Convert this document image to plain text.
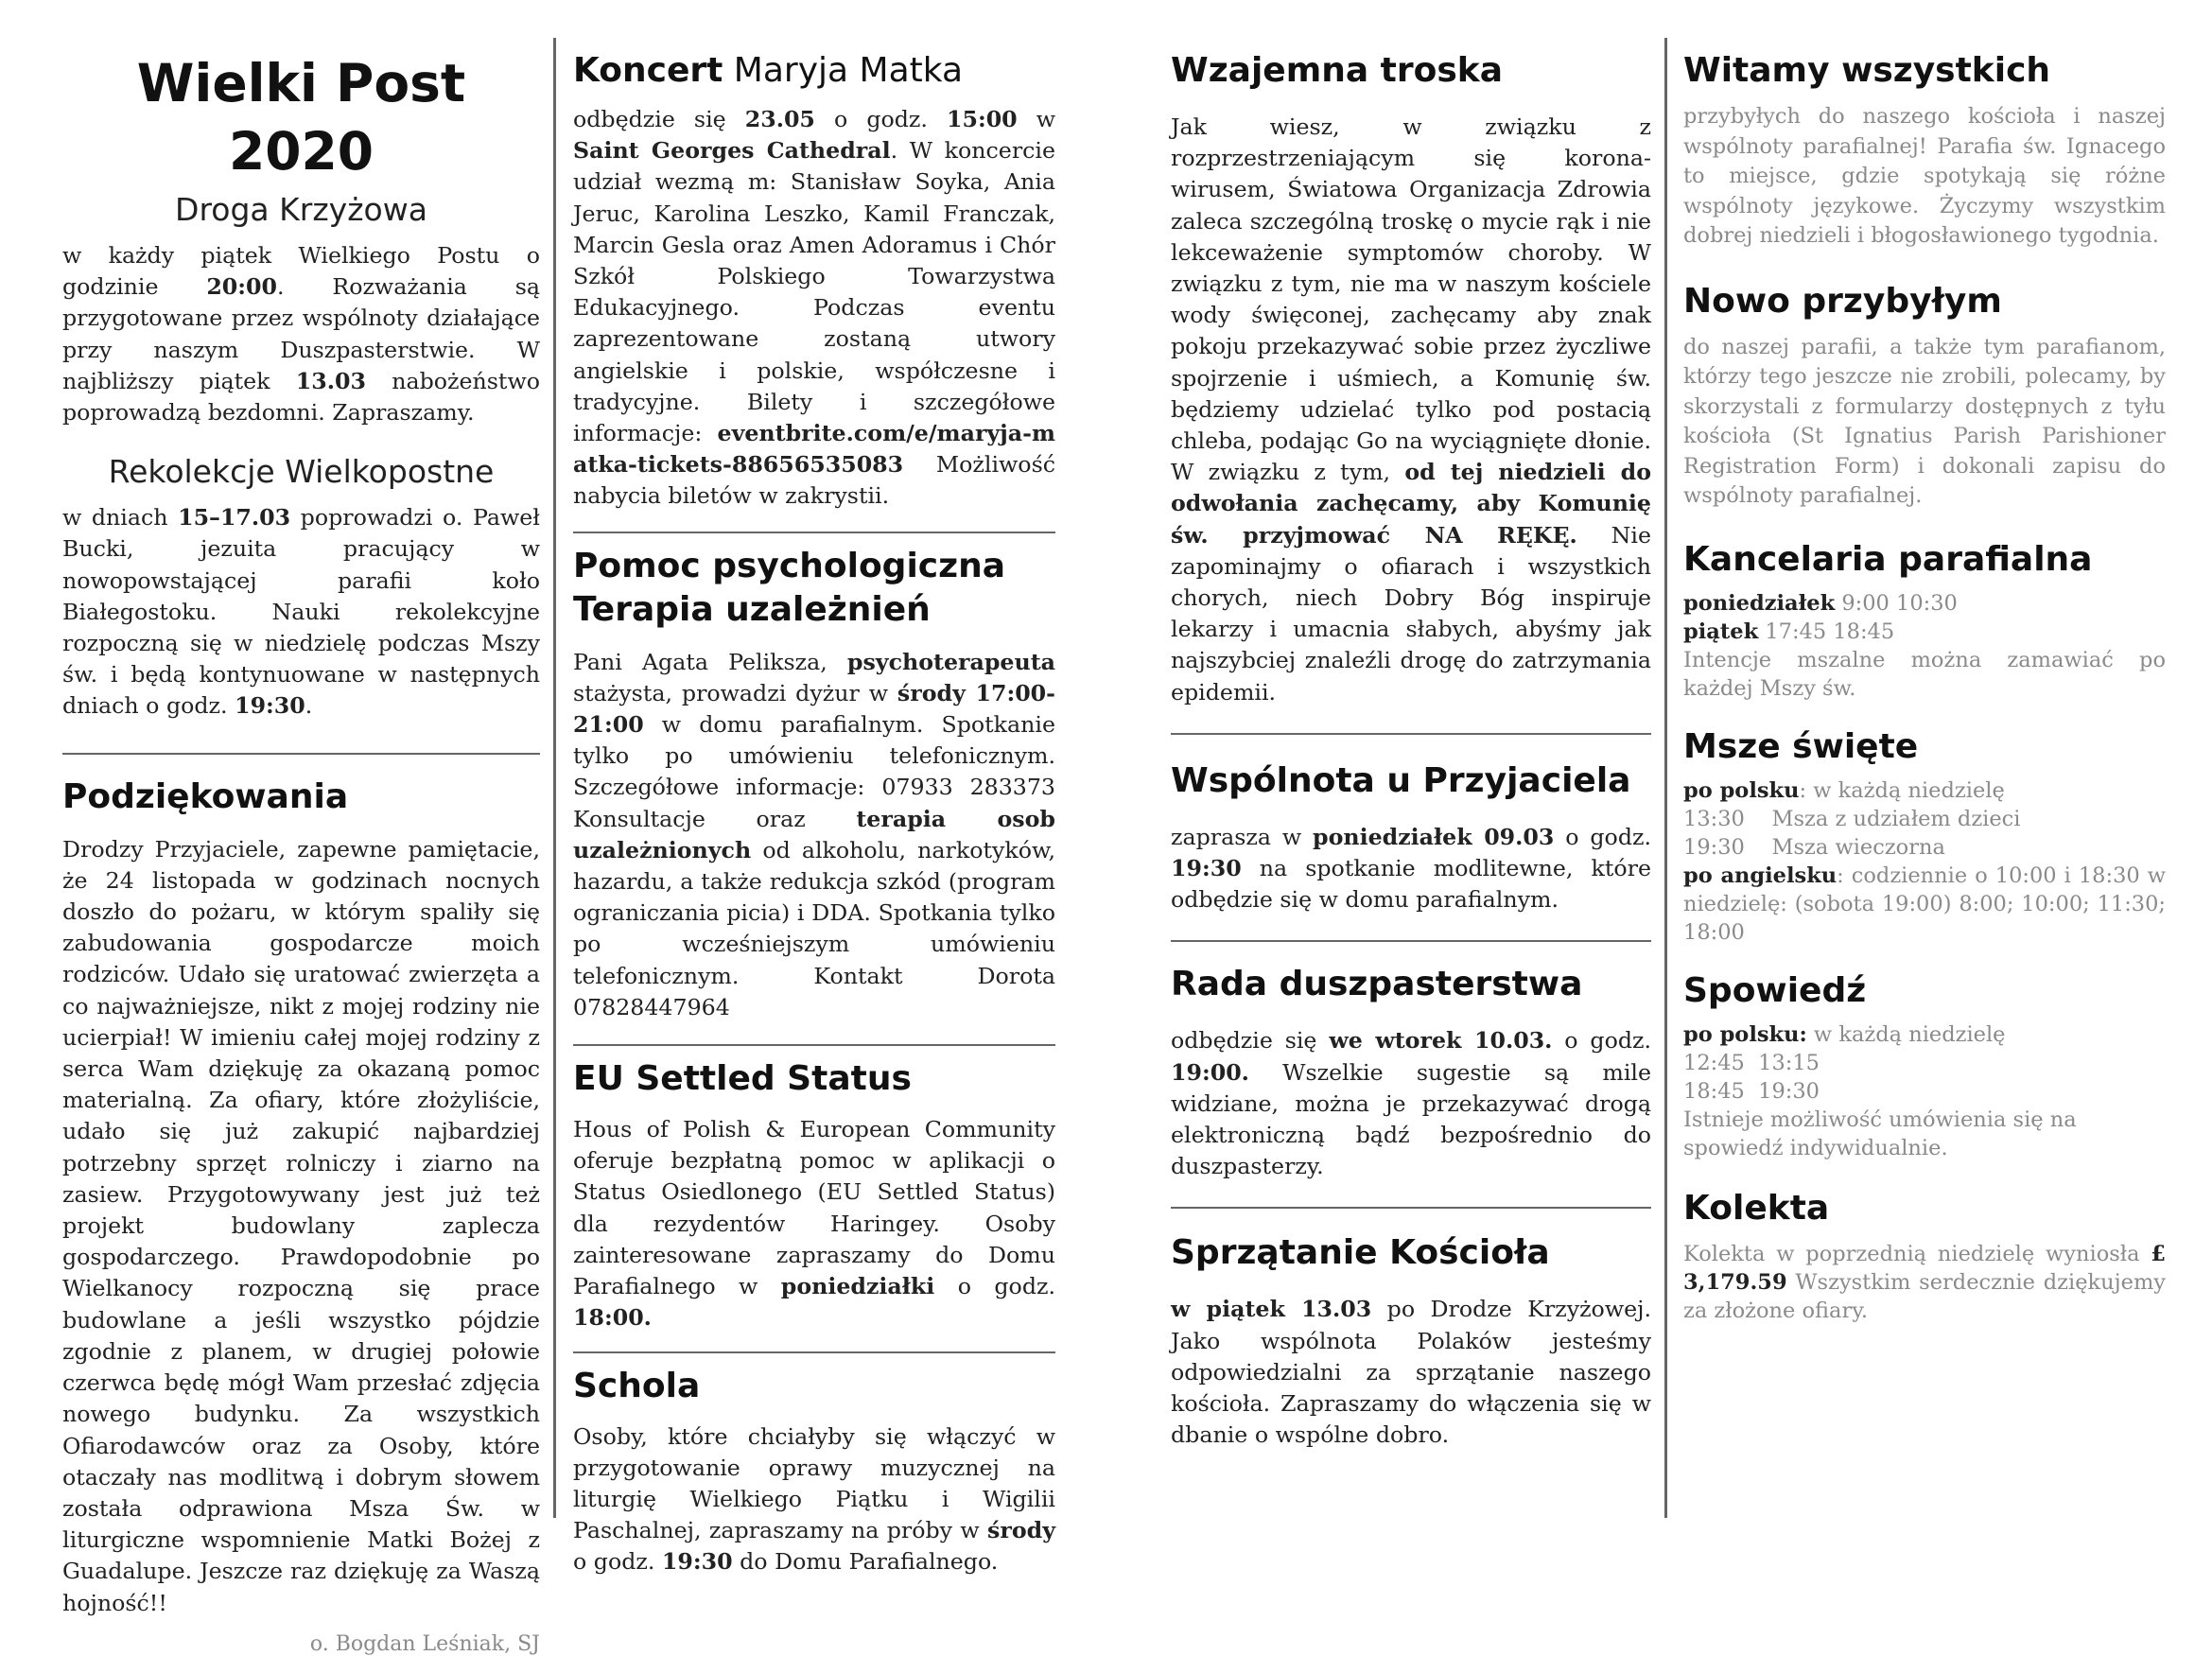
Wielki Post 2020
Droga Krzyżowa

w każdy piątek Wielkiego Postu o godzinie 20:00. Rozważania są przygotowane przez wspólnoty działające przy naszym Duszpasterstwie. W najbliższy piątek 13.03 nabożeństwo poprowadzą bezdomni. Zapraszamy.

Rekolekcje Wielkopostne

w dniach 15–17.03 poprowadzi o. Paweł Bucki, jezuita pracujący w nowopowstającej parafii koło Białegostoku. Nauki rekolekcyjne rozpoczną się w niedzielę podczas Mszy św. i będą kontynuowane w następnych dniach o godz. 19:30.

Podziękowania

Drodzy Przyjaciele, zapewne pamiętacie, że 24 listopada w godzinach nocnych doszło do pożaru, w którym spaliły się zabudowania gospodarcze moich rodziców. Udało się uratować zwierzęta a co najważniejsze, nikt z mojej rodziny nie ucierpiał! W imieniu całej mojej rodziny z serca Wam dziękuję za okazaną pomoc materialną. Za ofiary, które złożyliście, udało się już zakupić najbardziej potrzebny sprzęt rolniczy i ziarno na zasiew. Przygotowywany jest już też projekt budowlany zaplecza gospodarczego. Prawdopodobnie po Wielkanocy rozpoczną się prace budowlane a jeśli wszystko pójdzie zgodnie z planem, w drugiej połowie czerwca będę mógł Wam przesłać zdjęcia nowego budynku. Za wszystkich Ofiarodawców oraz za Osoby, które otaczały nas modlitwą i dobrym słowem została odprawiona Msza Św. w liturgiczne wspomnienie Matki Bożej z Guadalupe. Jeszcze raz dziękuję za Waszą hojność!!

o. Bogdan Leśniak, SJ
Koncert Maryja Matka

odbędzie się 23.05 o godz. 15:00 w Saint Georges Cathedral. W koncercie udział wezmą m: Stanisław Soyka, Ania Jeruc, Karolina Leszko, Kamil Franczak, Marcin Gesla oraz Amen Adoramus i Chór Szkół Polskiego Towarzystwa Edukacyjnego. Podczas eventu zaprezentowane zostaną utwory angielskie i polskie, współczesne i tradycyjne. Bilety i szczegółowe informacje: eventbrite.com/e/maryja-matka-tickets-88656535083 Możliwość nabycia biletów w zakrystii.

Pomoc psychologiczna
Terapia uzależnień

Pani Agata Peliksza, psychoterapeuta stażysta, prowadzi dyżur w środy 17:00-21:00 w domu parafialnym. Spotkanie tylko po umówieniu telefonicznym. Szczegółowe informacje: 07933 283373 Konsultacje oraz terapia osob uzależnionych od alkoholu, narkotyków, hazardu, a także redukcja szkód (program ograniczania picia) i DDA. Spotkania tylko po wcześniejszym umówieniu telefonicznym. Kontakt Dorota 07828447964

EU Settled Status

Hous of Polish & European Community oferuje bezpłatną pomoc w aplikacji o Status Osiedlonego (EU Settled Status) dla rezydentów Haringey. Osoby zainteresowane zapraszamy do Domu Parafialnego w poniedziałki o godz. 18:00.

Schola

Osoby, które chciałyby się włączyć w przygotowanie oprawy muzycznej na liturgię Wielkiego Piątku i Wigilii Paschalnej, zapraszamy na próby w środy o godz. 19:30 do Domu Parafialnego.

Wzajemna troska

Jak wiesz, w związku z rozprzestrzeniającym się korona-wirusem, Światowa Organizacja Zdrowia zaleca szczególną troskę o mycie rąk i nie lekceważenie symptomów choroby. W związku z tym, nie ma w naszym kościele wody święconej, zachęcamy aby znak pokoju przekazywać sobie przez życzliwe spojrzenie i uśmiech, a Komunię św. będziemy udzielać tylko pod postacią chleba, podając Go na wyciągnięte dłonie. W związku z tym, od tej niedzieli do odwołania zachęcamy, aby Komunię św. przyjmować NA RĘKĘ. Nie zapominajmy o ofiarach i wszystkich chorych, niech Dobry Bóg inspiruje lekarzy i umacnia słabych, abyśmy jak najszybciej znaleźli drogę do zatrzymania epidemii.

Wspólnota u Przyjaciela

zaprasza w poniedziałek 09.03 o godz. 19:30 na spotkanie modlitewne, które odbędzie się w domu parafialnym.

Rada duszpasterstwa

odbędzie się we wtorek 10.03. o godz. 19:00. Wszelkie sugestie są mile widziane, można je przekazywać drogą elektroniczną bądź bezpośrednio do duszpasterzy.

Sprzątanie Kościoła

w piątek 13.03 po Drodze Krzyżowej. Jako wspólnota Polaków jesteśmy odpowiedzialni za sprzątanie naszego kościoła. Zapraszamy do włączenia się w dbanie o wspólne dobro.

Witamy wszystkich

przybyłych do naszego kościoła i naszej wspólnoty parafialnej! Parafia św. Ignacego to miejsce, gdzie spotykają się różne wspólnoty językowe. Życzymy wszystkim dobrej niedzieli i błogosławionego tygodnia.

Nowo przybyłym

do naszej parafii, a także tym parafianom, którzy tego jeszcze nie zrobili, polecamy, by skorzystali z formularzy dostępnych z tyłu kościoła (St Ignatius Parish Parishioner Registration Form) i dokonali zapisu do wspólnoty parafialnej.

Kancelaria parafialna

poniedziałek 9:00 10:30
piątek 17:45 18:45

Intencje mszalne można zamawiać po każdej Mszy św.

Msze święte

po polsku: w każdą niedzielę
13:30    Msza z udziałem dzieci
19:30    Msza wieczorna

po angielsku: codziennie o 10:00 i 18:30 w niedzielę: (sobota 19:00) 8:00; 10:00; 11:30; 18:00

Spowiedź

po polsku: w każdą niedzielę
12:45  13:15
18:45  19:30

Istnieje możliwość umówienia się na spowiedź indywidualnie.

Kolekta

Kolekta w poprzednią niedzielę wyniosła £ 3,179.59 Wszystkim serdecznie dziękujemy za złożone ofiary.
